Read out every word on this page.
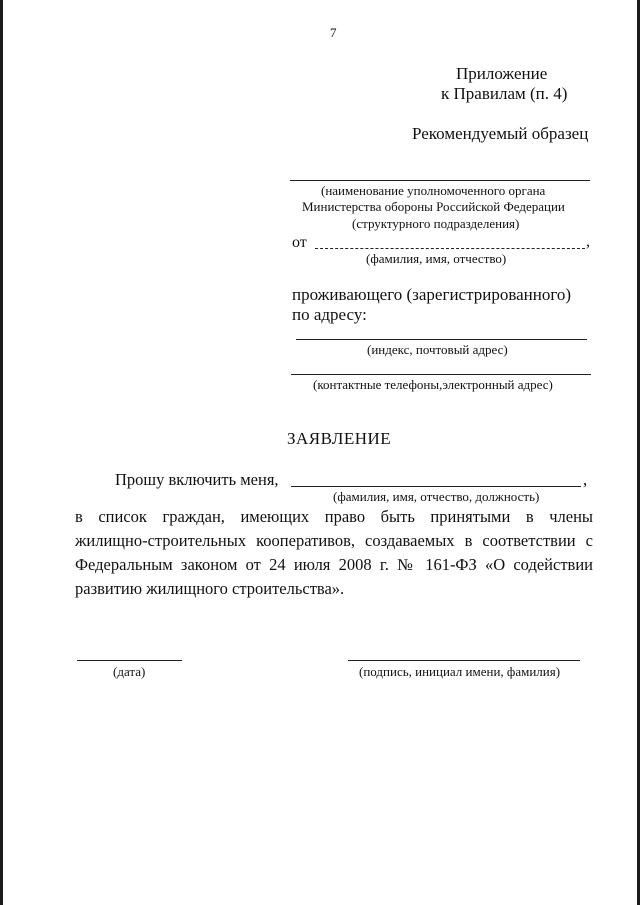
7
Приложение
к Правилам (п. 4)
Рекомендуемый образец
(наименование уполномоченного органа
Министерства обороны Российской Федерации
(структурного подразделения)
от	,
(фамилия, имя, отчество)
проживающего (зарегистрированного)
по адресу:
(индекс, почтовый адрес)
(контактные телефоны,электронный адрес)
ЗАЯВЛЕНИЕ
Прошу включить меня,	,
(фамилия, имя, отчество, должность)
в список граждан, имеющих право быть принятыми в члены
жилищно-строительных кооперативов, создаваемых в соответствии с
Федеральным законом от 24 июля 2008 г. № 161-ФЗ «О содействии
развитию жилищного строительства».
(дата)	(подпись, инициал имени, фамилия)
